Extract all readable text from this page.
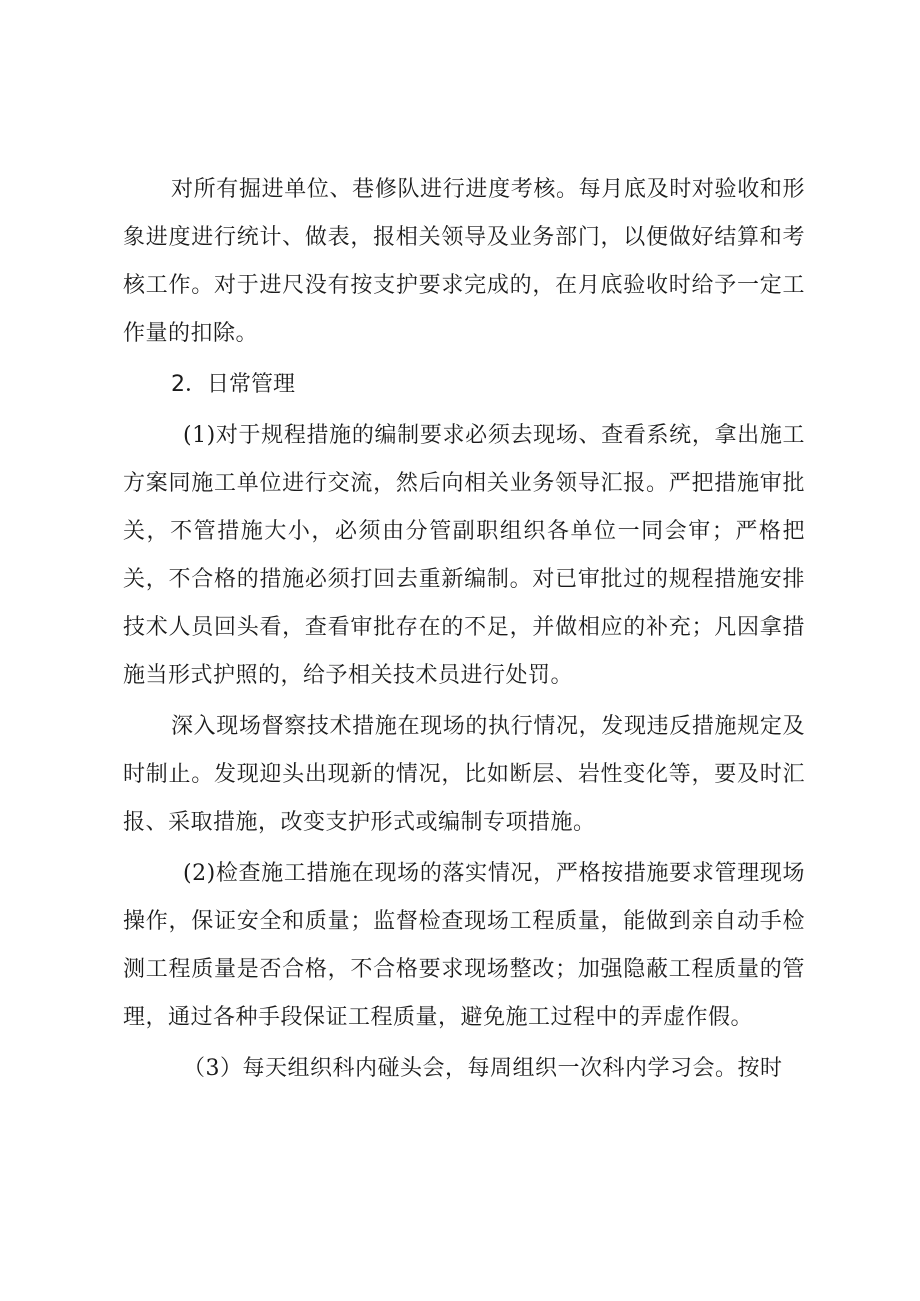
对所有掘进单位、巷修队进行进度考核。每月底及时对验收和形象进度进行统计、做表，报相关领导及业务部门，以便做好结算和考核工作。对于进尺没有按支护要求完成的，在月底验收时给予一定工作量的扣除。

2．日常管理

(1)对于规程措施的编制要求必须去现场、查看系统，拿出施工方案同施工单位进行交流，然后向相关业务领导汇报。严把措施审批关，不管措施大小，必须由分管副职组织各单位一同会审；严格把关，不合格的措施必须打回去重新编制。对已审批过的规程措施安排技术人员回头看，查看审批存在的不足，并做相应的补充；凡因拿措施当形式护照的，给予相关技术员进行处罚。

深入现场督察技术措施在现场的执行情况，发现违反措施规定及时制止。发现迎头出现新的情况，比如断层、岩性变化等，要及时汇报、采取措施，改变支护形式或编制专项措施。

(2)检查施工措施在现场的落实情况，严格按措施要求管理现场操作，保证安全和质量；监督检查现场工程质量，能做到亲自动手检测工程质量是否合格，不合格要求现场整改；加强隐蔽工程质量的管理，通过各种手段保证工程质量，避免施工过程中的弄虚作假。

（3）每天组织科内碰头会，每周组织一次科内学习会。按时
